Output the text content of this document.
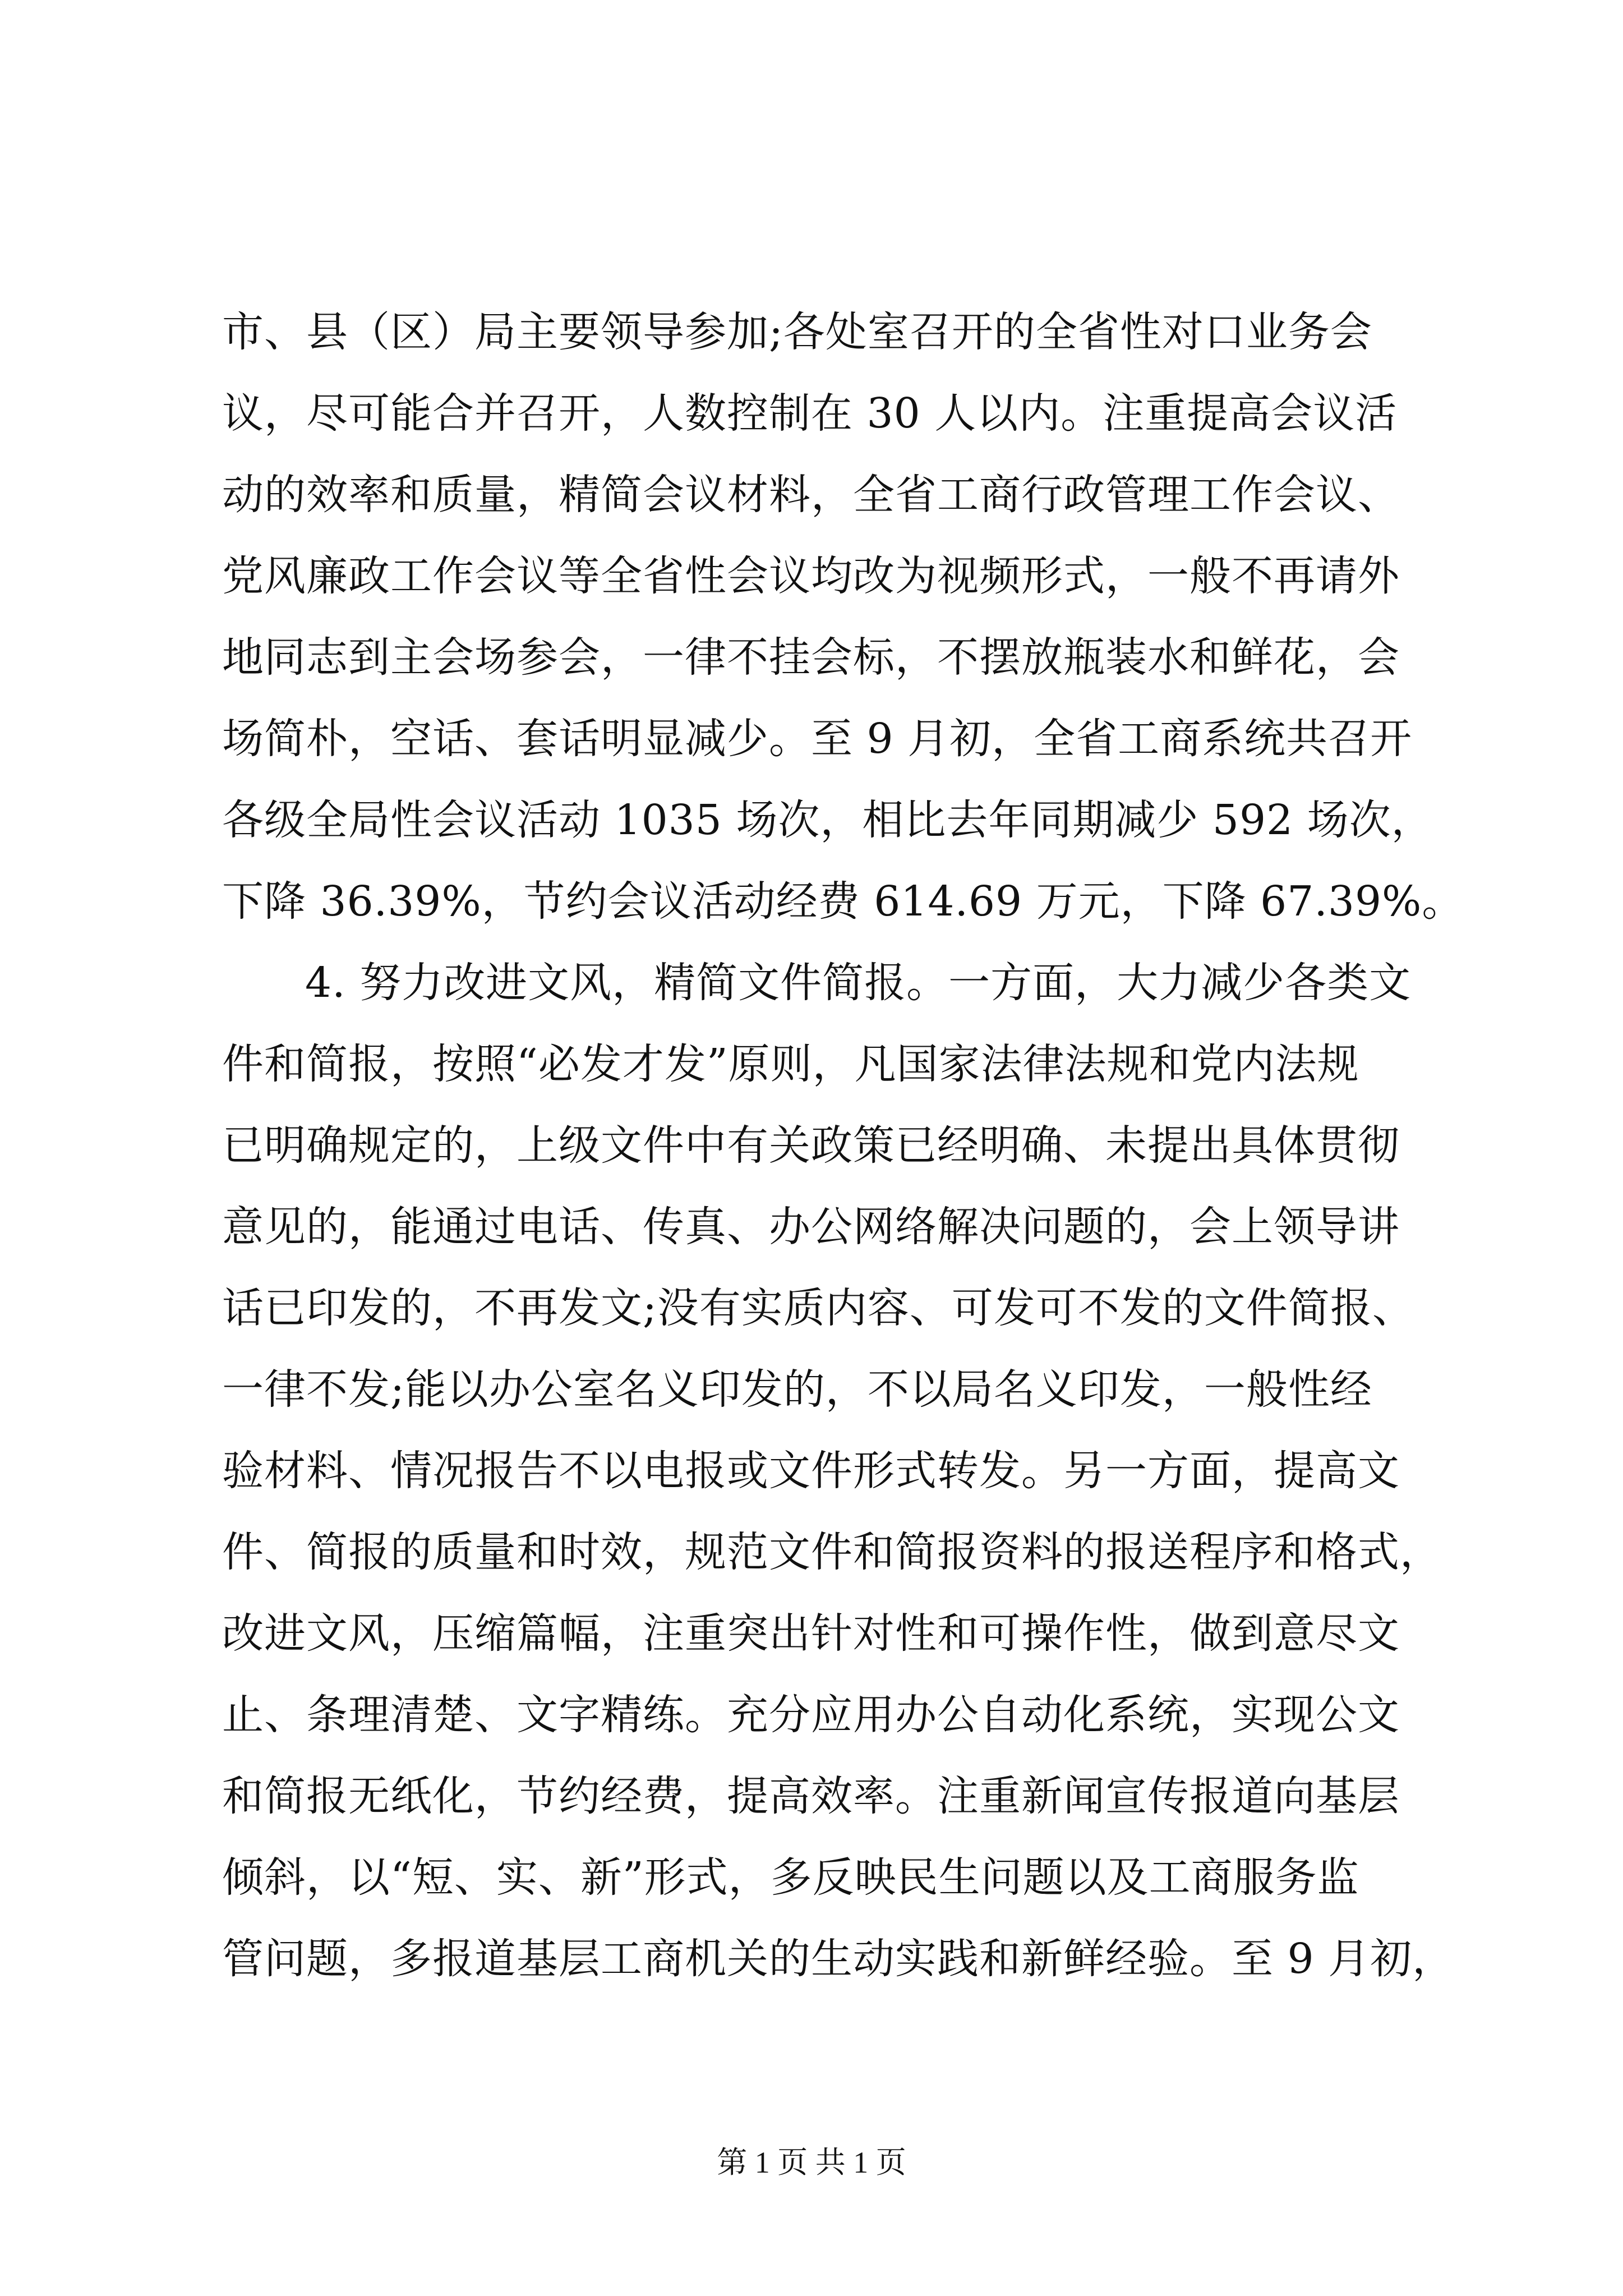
市、县（区）局主要领导参加;各处室召开的全省性对口业务会
议，尽可能合并召开，人数控制在 30 人以内。注重提高会议活
动的效率和质量，精简会议材料，全省工商行政管理工作会议、
党风廉政工作会议等全省性会议均改为视频形式，一般不再请外
地同志到主会场参会，一律不挂会标，不摆放瓶装水和鲜花，会
场简朴，空话、套话明显减少。至 9 月初，全省工商系统共召开
各级全局性会议活动 1035 场次，相比去年同期减少 592 场次，
下降 36.39%，节约会议活动经费 614.69 万元，下降 67.39%。
4. 努力改进文风，精简文件简报。一方面，大力减少各类文
件和简报，按照“必发才发”原则，凡国家法律法规和党内法规
已明确规定的，上级文件中有关政策已经明确、未提出具体贯彻
意见的，能通过电话、传真、办公网络解决问题的，会上领导讲
话已印发的，不再发文;没有实质内容、可发可不发的文件简报、
一律不发;能以办公室名义印发的，不以局名义印发，一般性经
验材料、情况报告不以电报或文件形式转发。另一方面，提高文
件、简报的质量和时效，规范文件和简报资料的报送程序和格式，
改进文风，压缩篇幅，注重突出针对性和可操作性，做到意尽文
止、条理清楚、文字精练。充分应用办公自动化系统，实现公文
和简报无纸化，节约经费，提高效率。注重新闻宣传报道向基层
倾斜，以“短、实、新”形式，多反映民生问题以及工商服务监
管问题，多报道基层工商机关的生动实践和新鲜经验。至 9 月初，
第 1 页 共 1 页
